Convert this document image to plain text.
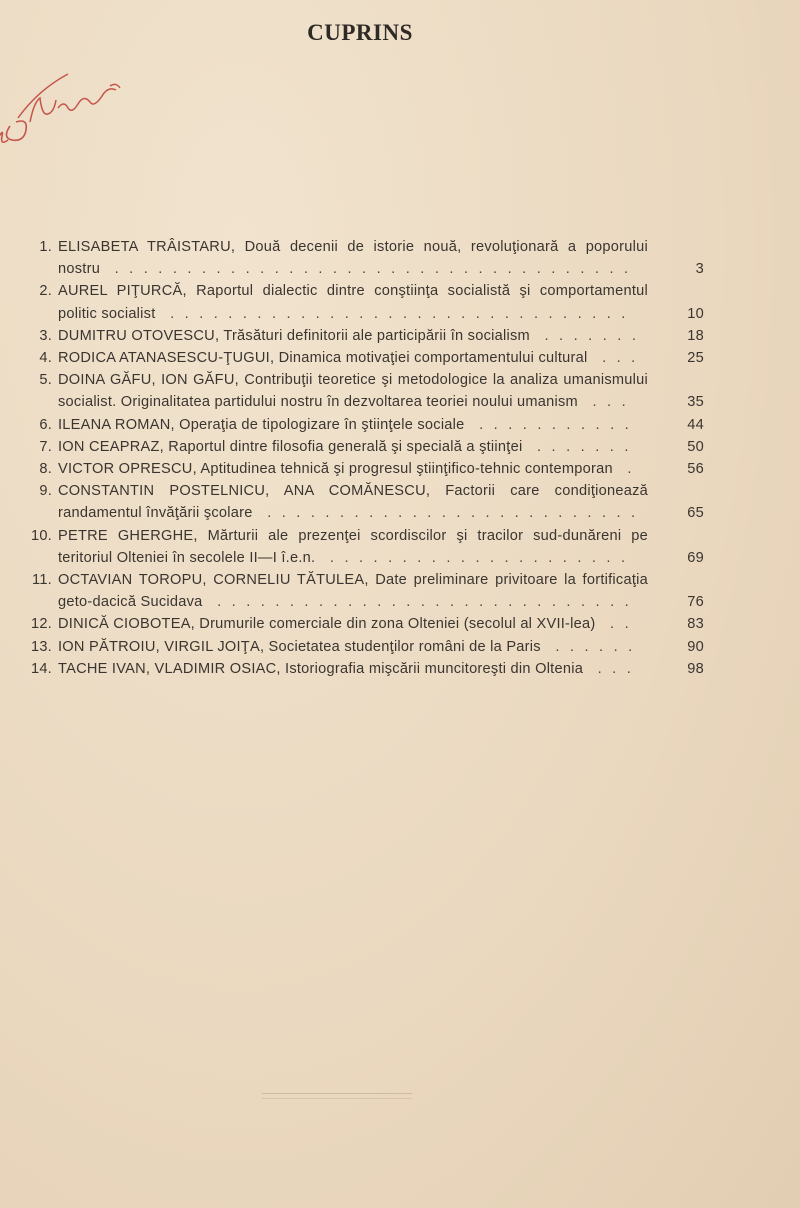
CUPRINS
1. ELISABETA TRÂISTARU, Două decenii de istorie nouă, revoluţionară a poporului nostru ....................................	3
2. AUREL PIŢURCĂ, Raportul dialectic dintre conştiinţa socialistă şi comportamentul politic socialist ................................	10
3. DUMITRU OTOVESCU, Trăsături definitorii ale participării în socialism .......	18
4. RODICA ATANASESCU-ŢUGUI, Dinamica motivaţiei comportamentului cultural ...	25
5. DOINA GĂFU, ION GĂFU, Contribuţii teoretice şi metodologice la analiza umanismului socialist. Originalitatea partidului nostru în dezvoltarea teoriei noului umanism ...	35
6. ILEANA ROMAN, Operaţia de tipologizare în ştiinţele sociale ...........	44
7. ION CEAPRAZ, Raportul dintre filosofia generală şi specială a ştiinţei .......	50
8. VICTOR OPRESCU, Aptitudinea tehnică şi progresul ştiinţifico-tehnic contemporan .	56
9. CONSTANTIN POSTELNICU, ANA COMĂNESCU, Factorii care condiţionează randamentul învăţării şcolare ..........................	65
10. PETRE GHERGHE, Mărturii ale prezenţei scordiscilor şi tracilor sud-dunăreni pe teritoriul Olteniei în secolele II—I î.e.n. .....................	69
11. OCTAVIAN TOROPU, CORNELIU TĂTULEA, Date preliminare privitoare la fortificaţia geto-dacică Sucidava .............................	76
12. DINICĂ CIOBOTEA, Drumurile comerciale din zona Olteniei (secolul al XVII-lea) ..	83
13. ION PĂTROIU, VIRGIL JOIŢA, Societatea studenţilor români de la Paris ......	90
14. TACHE IVAN, VLADIMIR OSIAC, Istoriografia mişcării muncitoreşti din Oltenia ...	98
